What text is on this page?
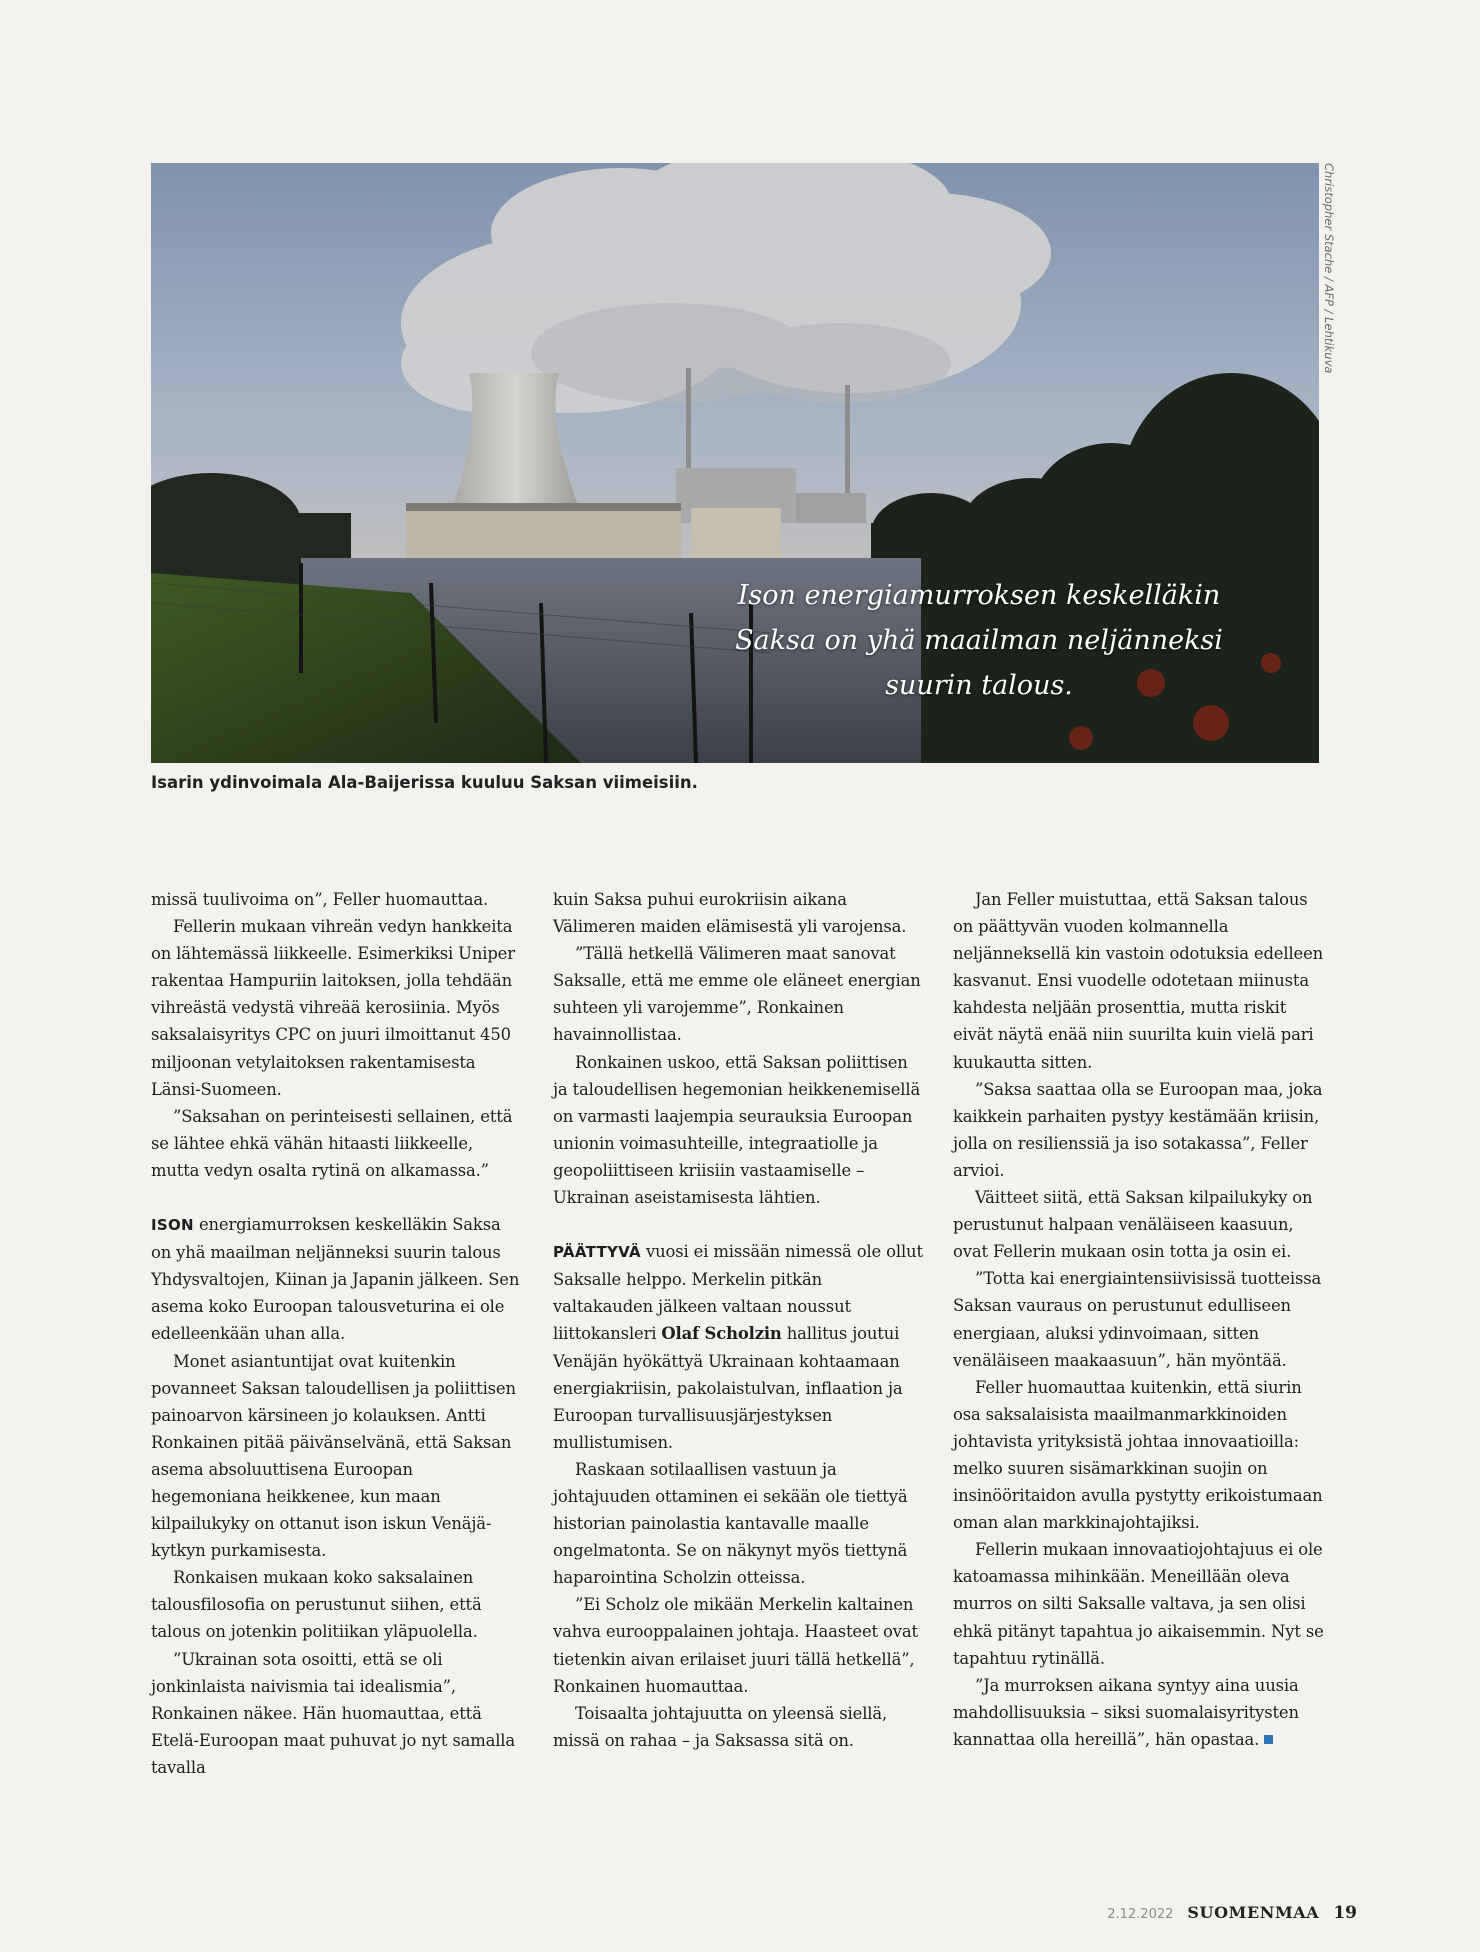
Ison energiamurroksen keskelläkin
Saksa on yhä maailman neljänneksi
suurin talous.
Christopher Stache / AFP / Lehtikuva
Isarin ydinvoimala Ala-Baijerissa kuuluu Saksan viimeisiin.

missä tuulivoima on”, Feller huomauttaa.

Fellerin mukaan vihreän vedyn hankkeita on lähtemässä liikkeelle. Esimerkiksi Uniper rakentaa Hampuriin laitoksen, jolla tehdään vihreästä vedystä vihreää kerosiinia. Myös saksalaisyritys CPC on juuri ilmoittanut 450 miljoonan vetylaitoksen rakentamisesta Länsi-Suomeen.

”Saksahan on perinteisesti sellainen, että se lähtee ehkä vähän hitaasti liikkeelle, mutta vedyn osalta rytinä on alkamassa.”

ISON energiamurroksen keskelläkin Saksa on yhä maailman neljänneksi suurin talous Yhdysvaltojen, Kiinan ja Japanin jälkeen. Sen asema koko Euroopan talousveturina ei ole edelleenkään uhan alla.

Monet asiantuntijat ovat kuitenkin povanneet Saksan taloudellisen ja poliittisen painoarvon kärsineen jo kolauksen. Antti Ronkainen pitää päivänselvänä, että Saksan asema absoluuttisena Euroopan hegemoniana heikkenee, kun maan kilpailukyky on ottanut ison iskun Venäjä-kytkyn purkamisesta.

Ronkaisen mukaan koko saksalainen talousfilosofia on perustunut siihen, että talous on jotenkin politiikan yläpuolella.

”Ukrainan sota osoitti, että se oli jonkinlaista naivismia tai idealismia”, Ronkainen näkee. Hän huomauttaa, että Etelä-Euroopan maat puhuvat jo nyt samalla tavalla

kuin Saksa puhui eurokriisin aikana Välimeren maiden elämisestä yli varojensa.

”Tällä hetkellä Välimeren maat sanovat Saksalle, että me emme ole eläneet energian suhteen yli varojemme”, Ronkainen havainnollistaa.

Ronkainen uskoo, että Saksan poliittisen ja taloudellisen hegemonian heikkenemisellä on varmasti laajempia seurauksia Euroopan unionin voimasuhteille, integraatiolle ja geopoliittiseen kriisiin vastaamiselle – Ukrainan aseistamisesta lähtien.

PÄÄTTYVÄ vuosi ei missään nimessä ole ollut Saksalle helppo. Merkelin pitkän valtakauden jälkeen valtaan noussut liittokansleri Olaf Scholzin hallitus joutui Venäjän hyökättyä Ukrainaan kohtaamaan energiakriisin, pakolaistulvan, inflaation ja Euroopan turvallisuusjärjestyksen mullistumisen.

Raskaan sotilaallisen vastuun ja johtajuuden ottaminen ei sekään ole tiettyä historian painolastia kantavalle maalle ongelmatonta. Se on näkynyt myös tiettynä haparointina Scholzin otteissa.

”Ei Scholz ole mikään Merkelin kaltainen vahva eurooppalainen johtaja. Haasteet ovat tietenkin aivan erilaiset juuri tällä hetkellä”, Ronkainen huomauttaa.

Toisaalta johtajuutta on yleensä siellä, missä on rahaa – ja Saksassa sitä on.

Jan Feller muistuttaa, että Saksan talous on päättyvän vuoden kolmannella neljänneksellä kin vastoin odotuksia edelleen kasvanut. Ensi vuodelle odotetaan miinusta kahdesta neljään prosenttia, mutta riskit eivät näytä enää niin suurilta kuin vielä pari kuukautta sitten.

”Saksa saattaa olla se Euroopan maa, joka kaikkein parhaiten pystyy kestämään kriisin, jolla on resilienssiä ja iso sotakassa”, Feller arvioi.

Väitteet siitä, että Saksan kilpailukyky on perustunut halpaan venäläiseen kaasuun, ovat Fellerin mukaan osin totta ja osin ei.

”Totta kai energiaintensiivisissä tuotteissa Saksan vauraus on perustunut edulliseen energiaan, aluksi ydinvoimaan, sitten venäläiseen maakaasuun”, hän myöntää.

Feller huomauttaa kuitenkin, että siurin osa saksalaisista maailmanmarkkinoiden johtavista yrityksistä johtaa innovaatioilla: melko suuren sisämarkkinan suojin on insinööritaidon avulla pystytty erikoistumaan oman alan markkinajohtajiksi.

Fellerin mukaan innovaatiojohtajuus ei ole katoamassa mihinkään. Meneillään oleva murros on silti Saksalle valtava, ja sen olisi ehkä pitänyt tapahtua jo aikaisemmin. Nyt se tapahtuu rytinällä.

”Ja murroksen aikana syntyy aina uusia mahdollisuuksia – siksi suomalaisyritysten kannattaa olla hereillä”, hän opastaa.

2.12.2022 SUOMENMAA 19
